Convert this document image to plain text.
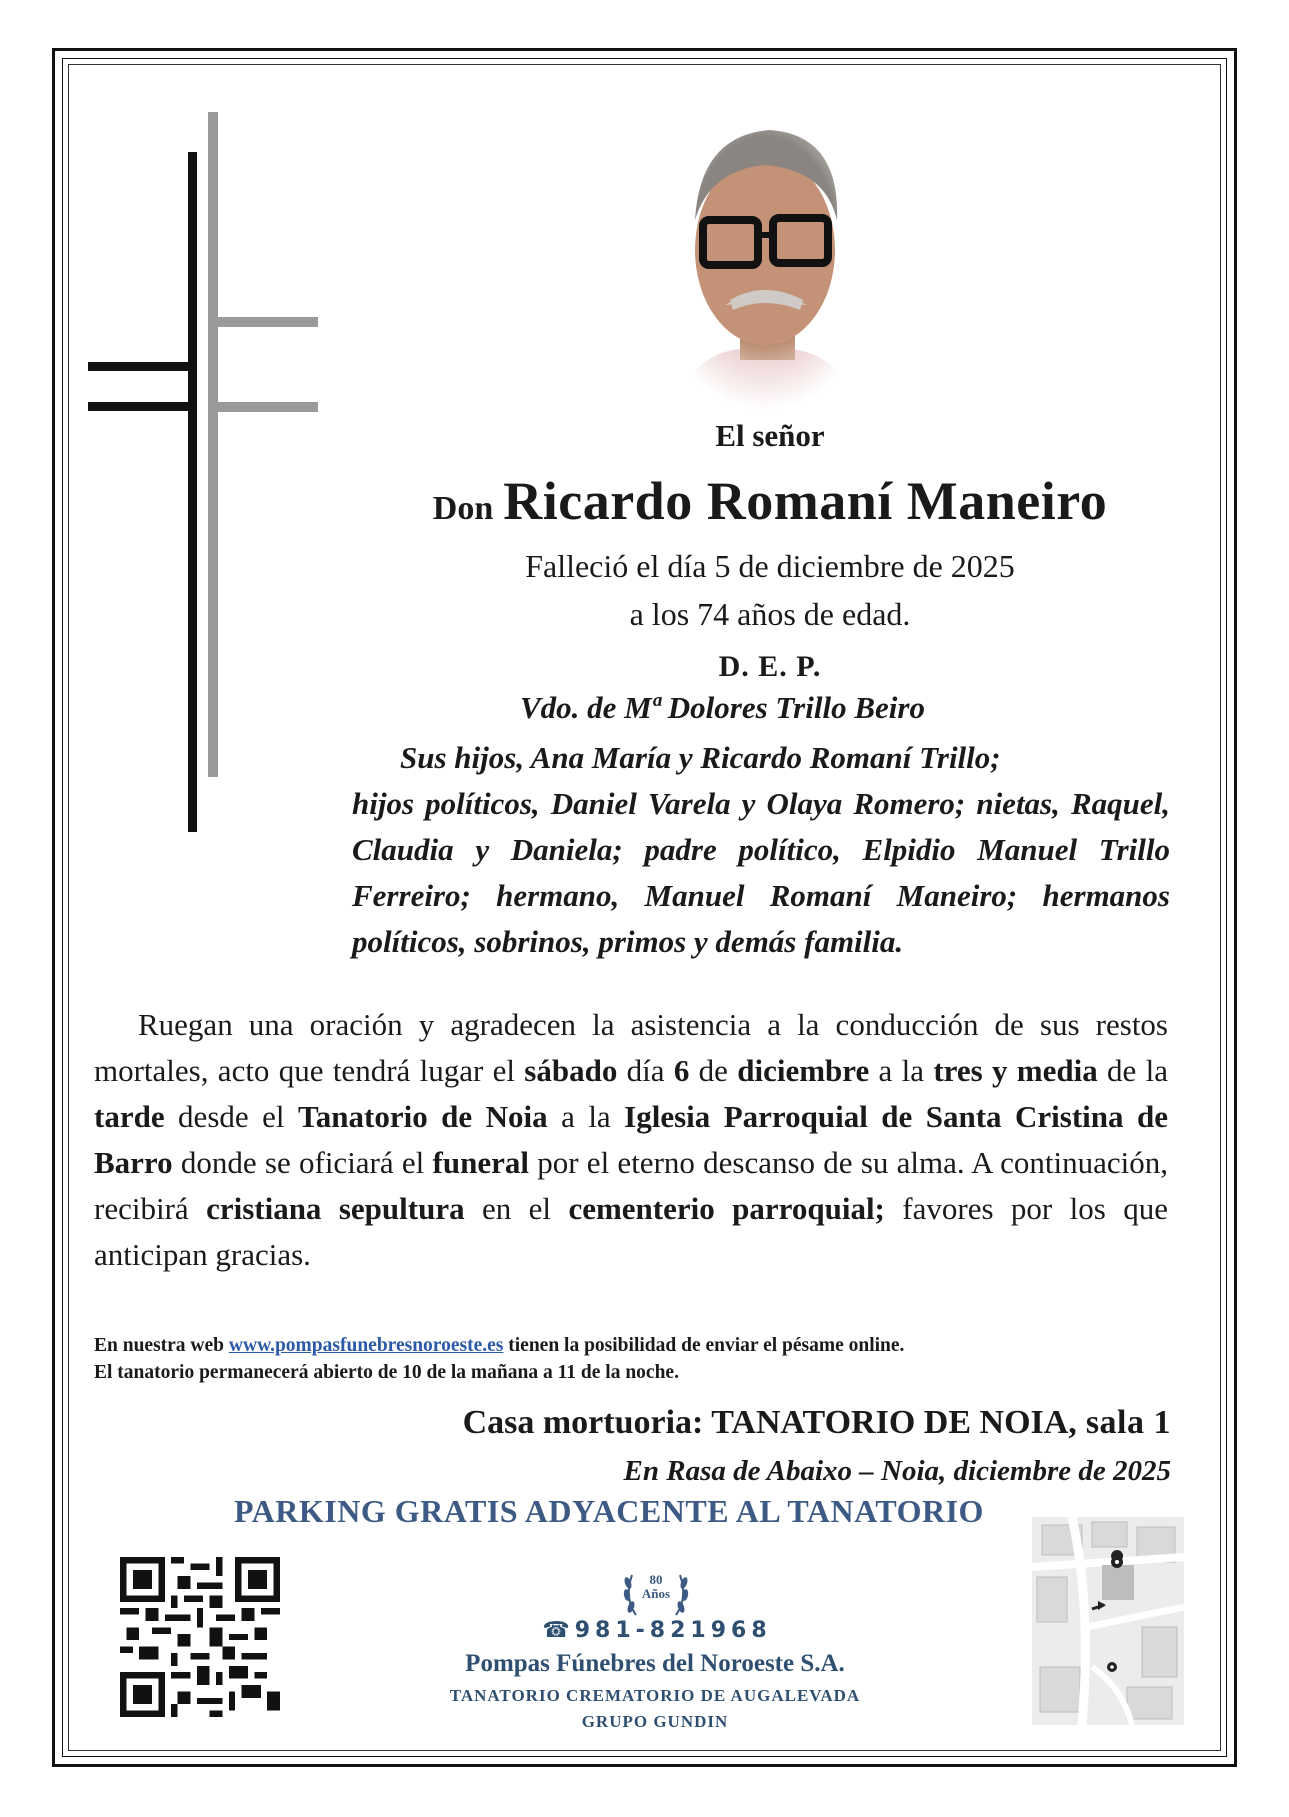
El señor
Don Ricardo Romaní Maneiro
Falleció el día 5 de diciembre de 2025
a los 74 años de edad.
D. E. P.
Vdo. de Mª Dolores Trillo Beiro
Sus hijos, Ana María y Ricardo Romaní Trillo;
hijos políticos, Daniel Varela y Olaya Romero; nietas, Raquel, Claudia y Daniela; padre político, Elpidio Manuel Trillo Ferreiro; hermano, Manuel Romaní Maneiro; hermanos políticos, sobrinos, primos y demás familia.
Ruegan una oración y agradecen la asistencia a la conducción de sus restos mortales, acto que tendrá lugar el sábado día 6 de diciembre a la tres y media de la tarde desde el Tanatorio de Noia a la Iglesia Parroquial de Santa Cristina de Barro donde se oficiará el funeral por el eterno descanso de su alma. A continuación, recibirá cristiana sepultura en el cementerio parroquial; favores por los que anticipan gracias.
En nuestra web www.pompasfunebresnoroeste.es tienen la posibilidad de enviar el pésame online.
El tanatorio permanecerá abierto de 10 de la mañana a 11 de la noche.
Casa mortuoria: TANATORIO DE NOIA, sala 1
En Rasa de Abaixo – Noia, diciembre de 2025
PARKING GRATIS ADYACENTE AL TANATORIO
80
Años
☎981-821968
Pompas Fúnebres del Noroeste S.A.
TANATORIO CREMATORIO DE AUGALEVADA
GRUPO GUNDIN
